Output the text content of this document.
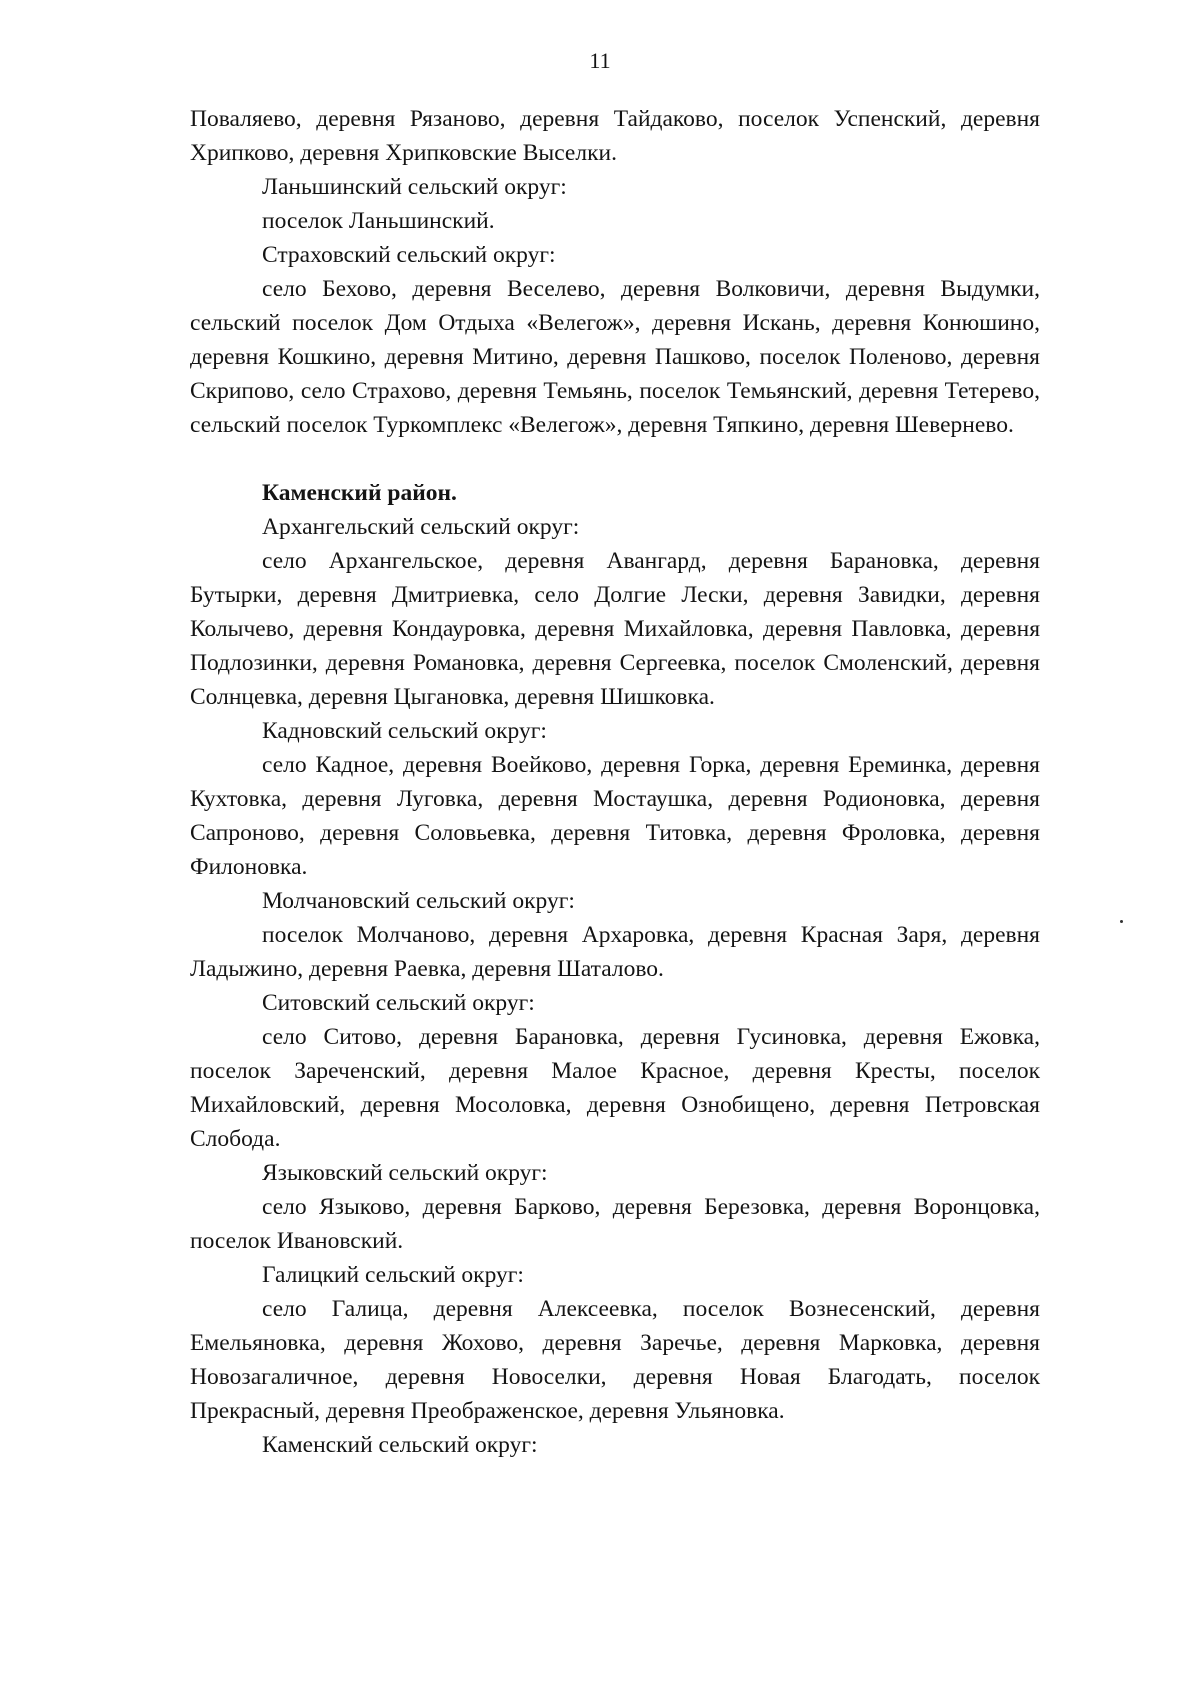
11

Поваляево, деревня Рязаново, деревня Тайдаково, поселок Успенский, деревня Хрипково, деревня Хрипковские Выселки.

Ланьшинский сельский округ:

поселок Ланьшинский.

Страховский сельский округ:

село Бехово, деревня Веселево, деревня Волковичи, деревня Выдумки, сельский поселок Дом Отдыха «Велегож», деревня Искань, деревня Конюшино, деревня Кошкино, деревня Митино, деревня Пашково, поселок Поленово, деревня Скрипово, село Страхово, деревня Темьянь, поселок Темьянский, деревня Тетерево, сельский поселок Туркомплекс «Велегож», деревня Тяпкино, деревня Шевернево.

Каменский район.

Архангельский сельский округ:

село Архангельское, деревня Авангард, деревня Барановка, деревня Бутырки, деревня Дмитриевка, село Долгие Лески, деревня Завидки, деревня Колычево, деревня Кондауровка, деревня Михайловка, деревня Павловка, деревня Подлозинки, деревня Романовка, деревня Сергеевка, поселок Смоленский, деревня Солнцевка, деревня Цыгановка, деревня Шишковка.

Кадновский сельский округ:

село Кадное, деревня Воейково, деревня Горка, деревня Ереминка, деревня Кухтовка, деревня Луговка, деревня Мостаушка, деревня Родионовка, деревня Сапроново, деревня Соловьевка, деревня Титовка, деревня Фроловка, деревня Филоновка.

Молчановский сельский округ:

поселок Молчаново, деревня Архаровка, деревня Красная Заря, деревня Ладыжино, деревня Раевка, деревня Шаталово.

Ситовский сельский округ:

село Ситово, деревня Барановка, деревня Гусиновка, деревня Ежовка, поселок Зареченский, деревня Малое Красное, деревня Кресты, поселок Михайловский, деревня Мосоловка, деревня Ознобищено, деревня Петровская Слобода.

Языковский сельский округ:

село Языково, деревня Барково, деревня Березовка, деревня Воронцовка, поселок Ивановский.

Галицкий сельский округ:

село Галица, деревня Алексеевка, поселок Вознесенский, деревня Емельяновка, деревня Жохово, деревня Заречье, деревня Марковка, деревня Новозагаличное, деревня Новоселки, деревня Новая Благодать, поселок Прекрасный, деревня Преображенское, деревня Ульяновка.

Каменский сельский округ:
